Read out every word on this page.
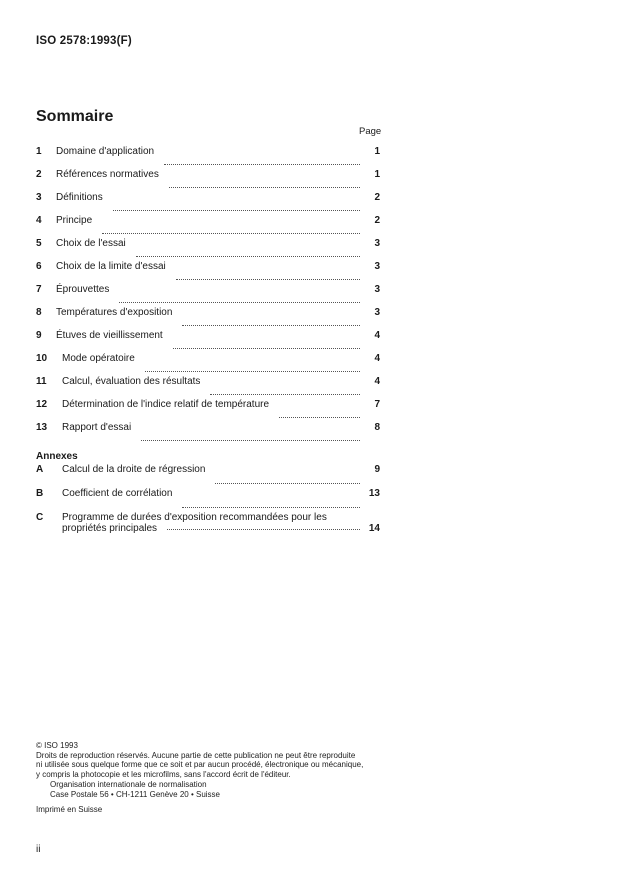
ISO 2578:1993(F)
Sommaire
Page
1	Domaine d'application	1
2	Références normatives	1
3	Définitions	2
4	Principe	2
5	Choix de l'essai	3
6	Choix de la limite d'essai	3
7	Éprouvettes	3
8	Températures d'exposition	3
9	Étuves de vieillissement	4
10	Mode opératoire	4
11	Calcul, évaluation des résultats	4
12	Détermination de l'indice relatif de température	7
13	Rapport d'essai	8
Annexes
A	Calcul de la droite de régression	9
B	Coefficient de corrélation	13
C	Programme de durées d'exposition recommandées pour les
propriétés principales	14
© ISO 1993
Droits de reproduction réservés. Aucune partie de cette publication ne peut être reproduite
ni utilisée sous quelque forme que ce soit et par aucun procédé, électronique ou mécanique,
y compris la photocopie et les microfilms, sans l'accord écrit de l'éditeur.
Organisation internationale de normalisation
Case Postale 56 • CH-1211 Genève 20 • Suisse
Imprimé en Suisse
ii
